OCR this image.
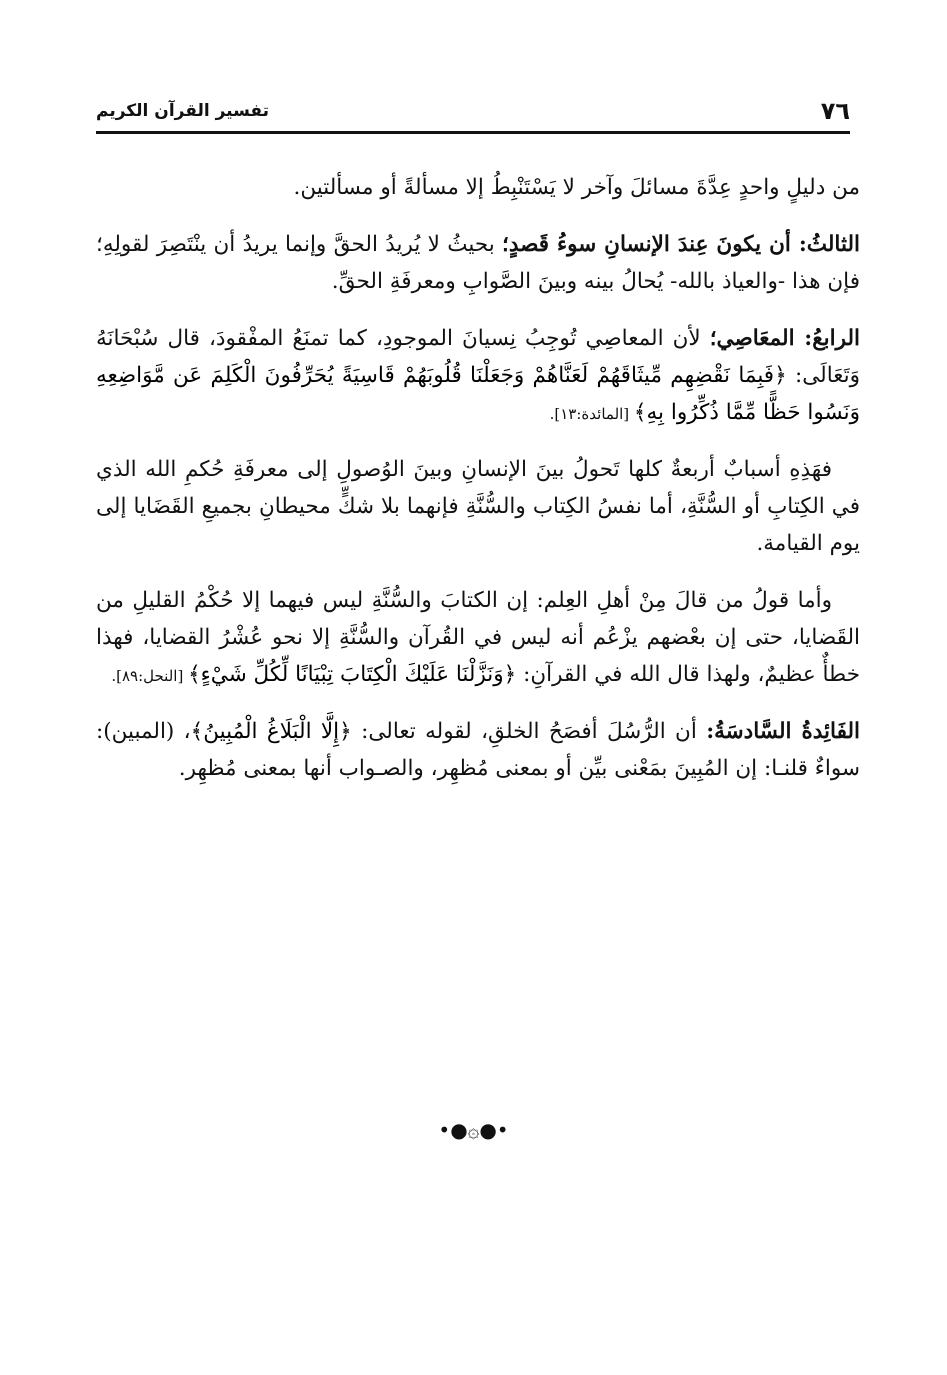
٧٦
تفسير القرآن الكريم

من دليلٍ واحدٍ عِدَّةَ مسائلَ وآخر لا يَسْتَنْبِطُ إلا مسألةً أو مسألتين.

الثالثُ: أن يكونَ عِندَ الإنسانِ سوءُ قَصدٍ؛ بحيثُ لا يُريدُ الحقَّ وإنما يريدُ أن ينْتَصِرَ لقولِهِ؛ فإن هذا -والعياذ بالله- يُحالُ بينه وبينَ الصَّوابِ ومعرفَةِ الحقِّ.

الرابعُ: المعَاصِي؛ لأن المعاصِي تُوجِبُ نِسيانَ الموجودِ، كما تمنَعُ المفْقودَ، قال سُبْحَانَهُ وَتَعَالَى: ﴿فَبِمَا نَقْضِهِم مِّيثَاقَهُمْ لَعَنَّاهُمْ وَجَعَلْنَا قُلُوبَهُمْ قَاسِيَةً يُحَرِّفُونَ الْكَلِمَ عَن مَّوَاضِعِهِ وَنَسُوا حَظًّا مِّمَّا ذُكِّرُوا بِهِ﴾ [المائدة:١٣].

فهَذِهِ أسبابٌ أربعةٌ كلها تَحولُ بينَ الإنسانِ وبينَ الوُصولِ إلى معرفَةِ حُكمِ الله الذي في الكِتابِ أو السُّنَّةِ، أما نفسُ الكِتاب والسُّنَّةِ فإنهما بلا شكٍّ محيطانِ بجميعِ القَضَايا إلى يوم القيامة.

وأما قولُ من قالَ مِنْ أهلِ العِلم: إن الكتابَ والسُّنَّةِ ليس فيهما إلا حُكْمُ القليلِ من القَضايا، حتى إن بعْضهم يزْعُم أنه ليس في القُرآن والسُّنَّةِ إلا نحو عُشْرُ القضايا، فهذا خطأٌ عظيمٌ، ولهذا قال الله في القرآنِ: ﴿وَنَزَّلْنَا عَلَيْكَ الْكِتَابَ تِبْيَانًا لِّكُلِّ شَيْءٍ﴾ [النحل:٨٩].

الفَائِدةُ السَّادسَةُ: أن الرُّسُلَ أفصَحُ الخلقِ، لقوله تعالى: ﴿إِلَّا الْبَلَاغُ الْمُبِينُ﴾، (المبين): سواءٌ قلنـا: إن المُبِينَ بمَعْنى بيِّن أو بمعنى مُظهِر، والصـواب أنها بمعنى مُظهِر.

•●۞●•
